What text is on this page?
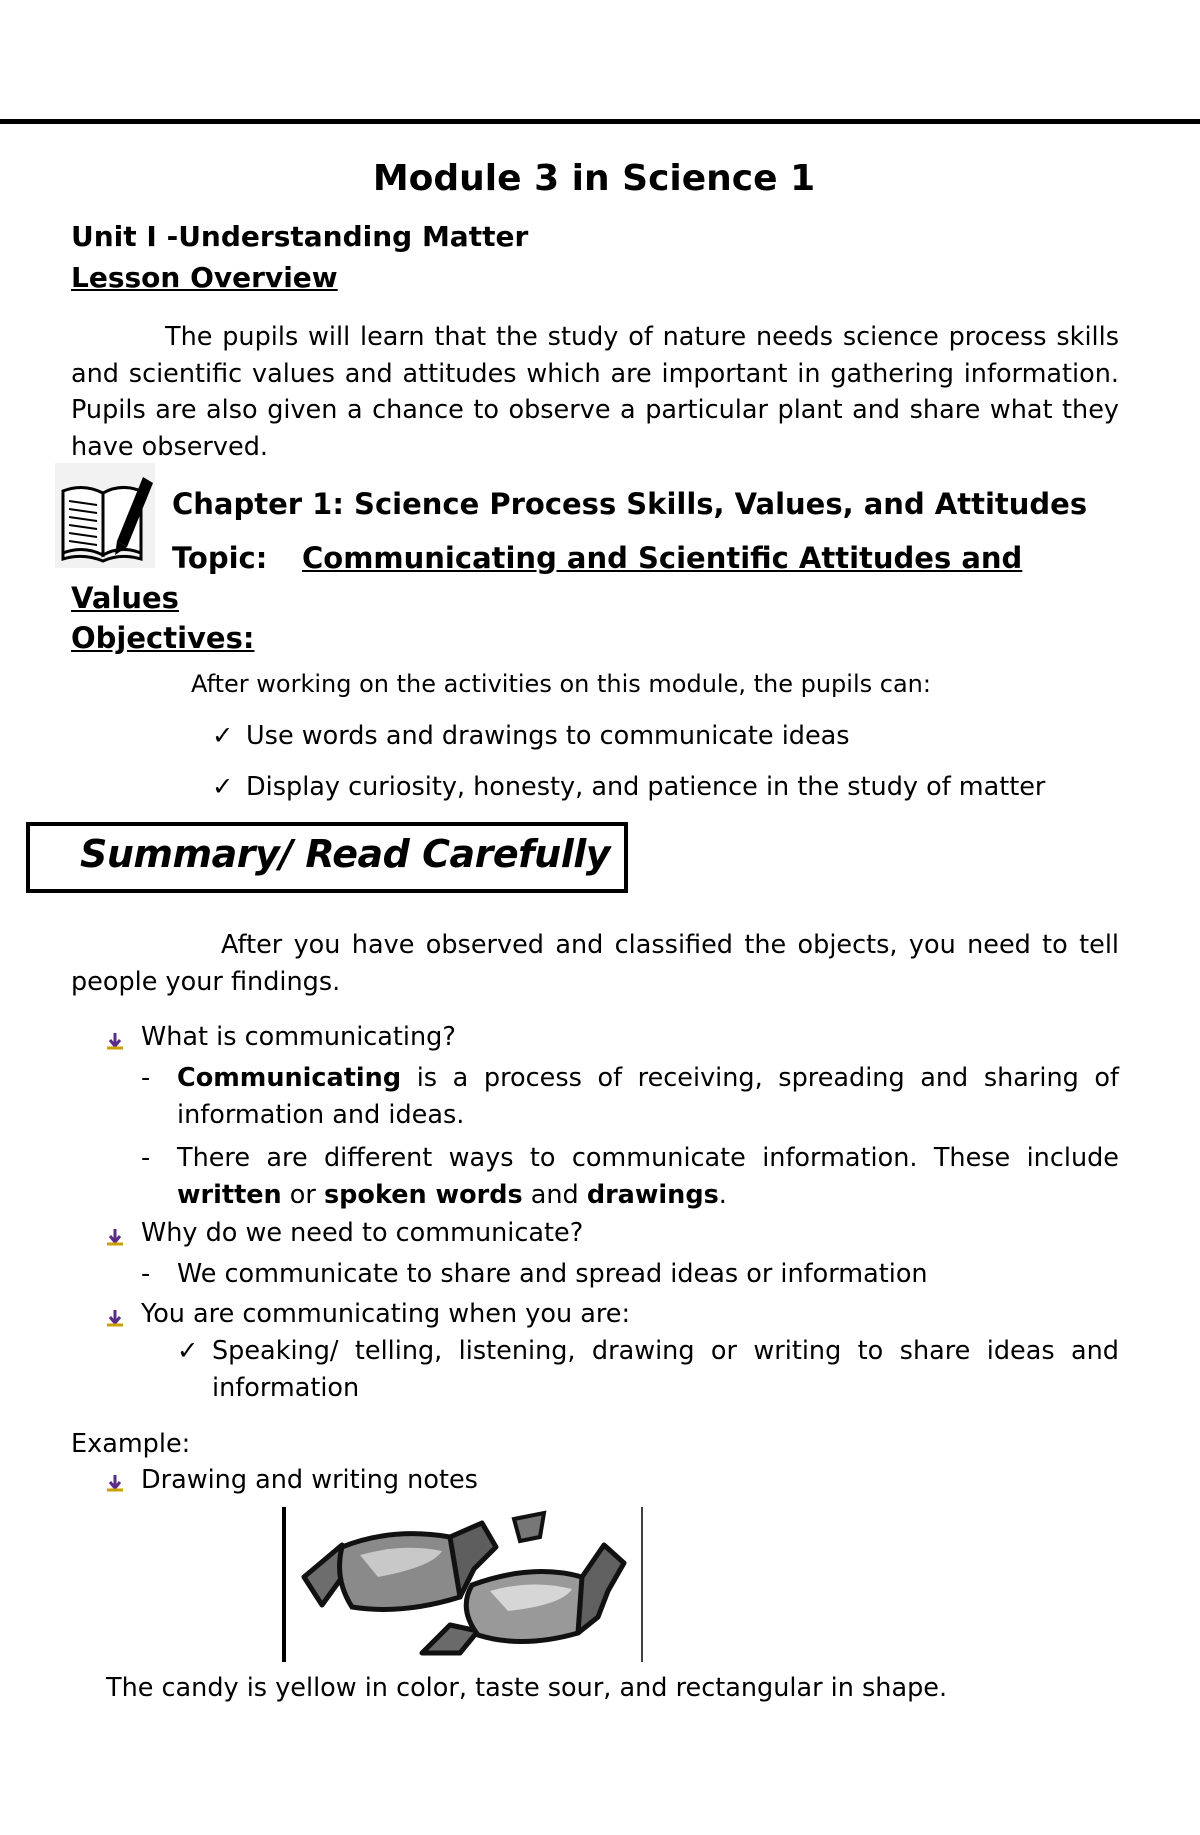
Module 3 in Science 1
Unit I -Understanding Matter
Lesson Overview
The pupils will learn that the study of nature needs science process skills and scientific values and attitudes which are important in gathering information. Pupils are also given a chance to observe a particular plant and share what they have observed.
Chapter 1: Science Process Skills, Values, and Attitudes
Topic: Communicating and Scientific Attitudes and
Values
Objectives:
After working on the activities on this module, the pupils can:
✓ Use words and drawings to communicate ideas
✓ Display curiosity, honesty, and patience in the study of matter
Summary/ Read Carefully
After you have observed and classified the objects, you need to tell people your findings.
What is communicating?
- Communicating is a process of receiving, spreading and sharing of information and ideas.
- There are different ways to communicate information. These include written or spoken words and drawings.
Why do we need to communicate?
- We communicate to share and spread ideas or information
You are communicating when you are:
✓ Speaking/ telling, listening, drawing or writing to share ideas and information
Example:
Drawing and writing notes
The candy is yellow in color, taste sour, and rectangular in shape.
